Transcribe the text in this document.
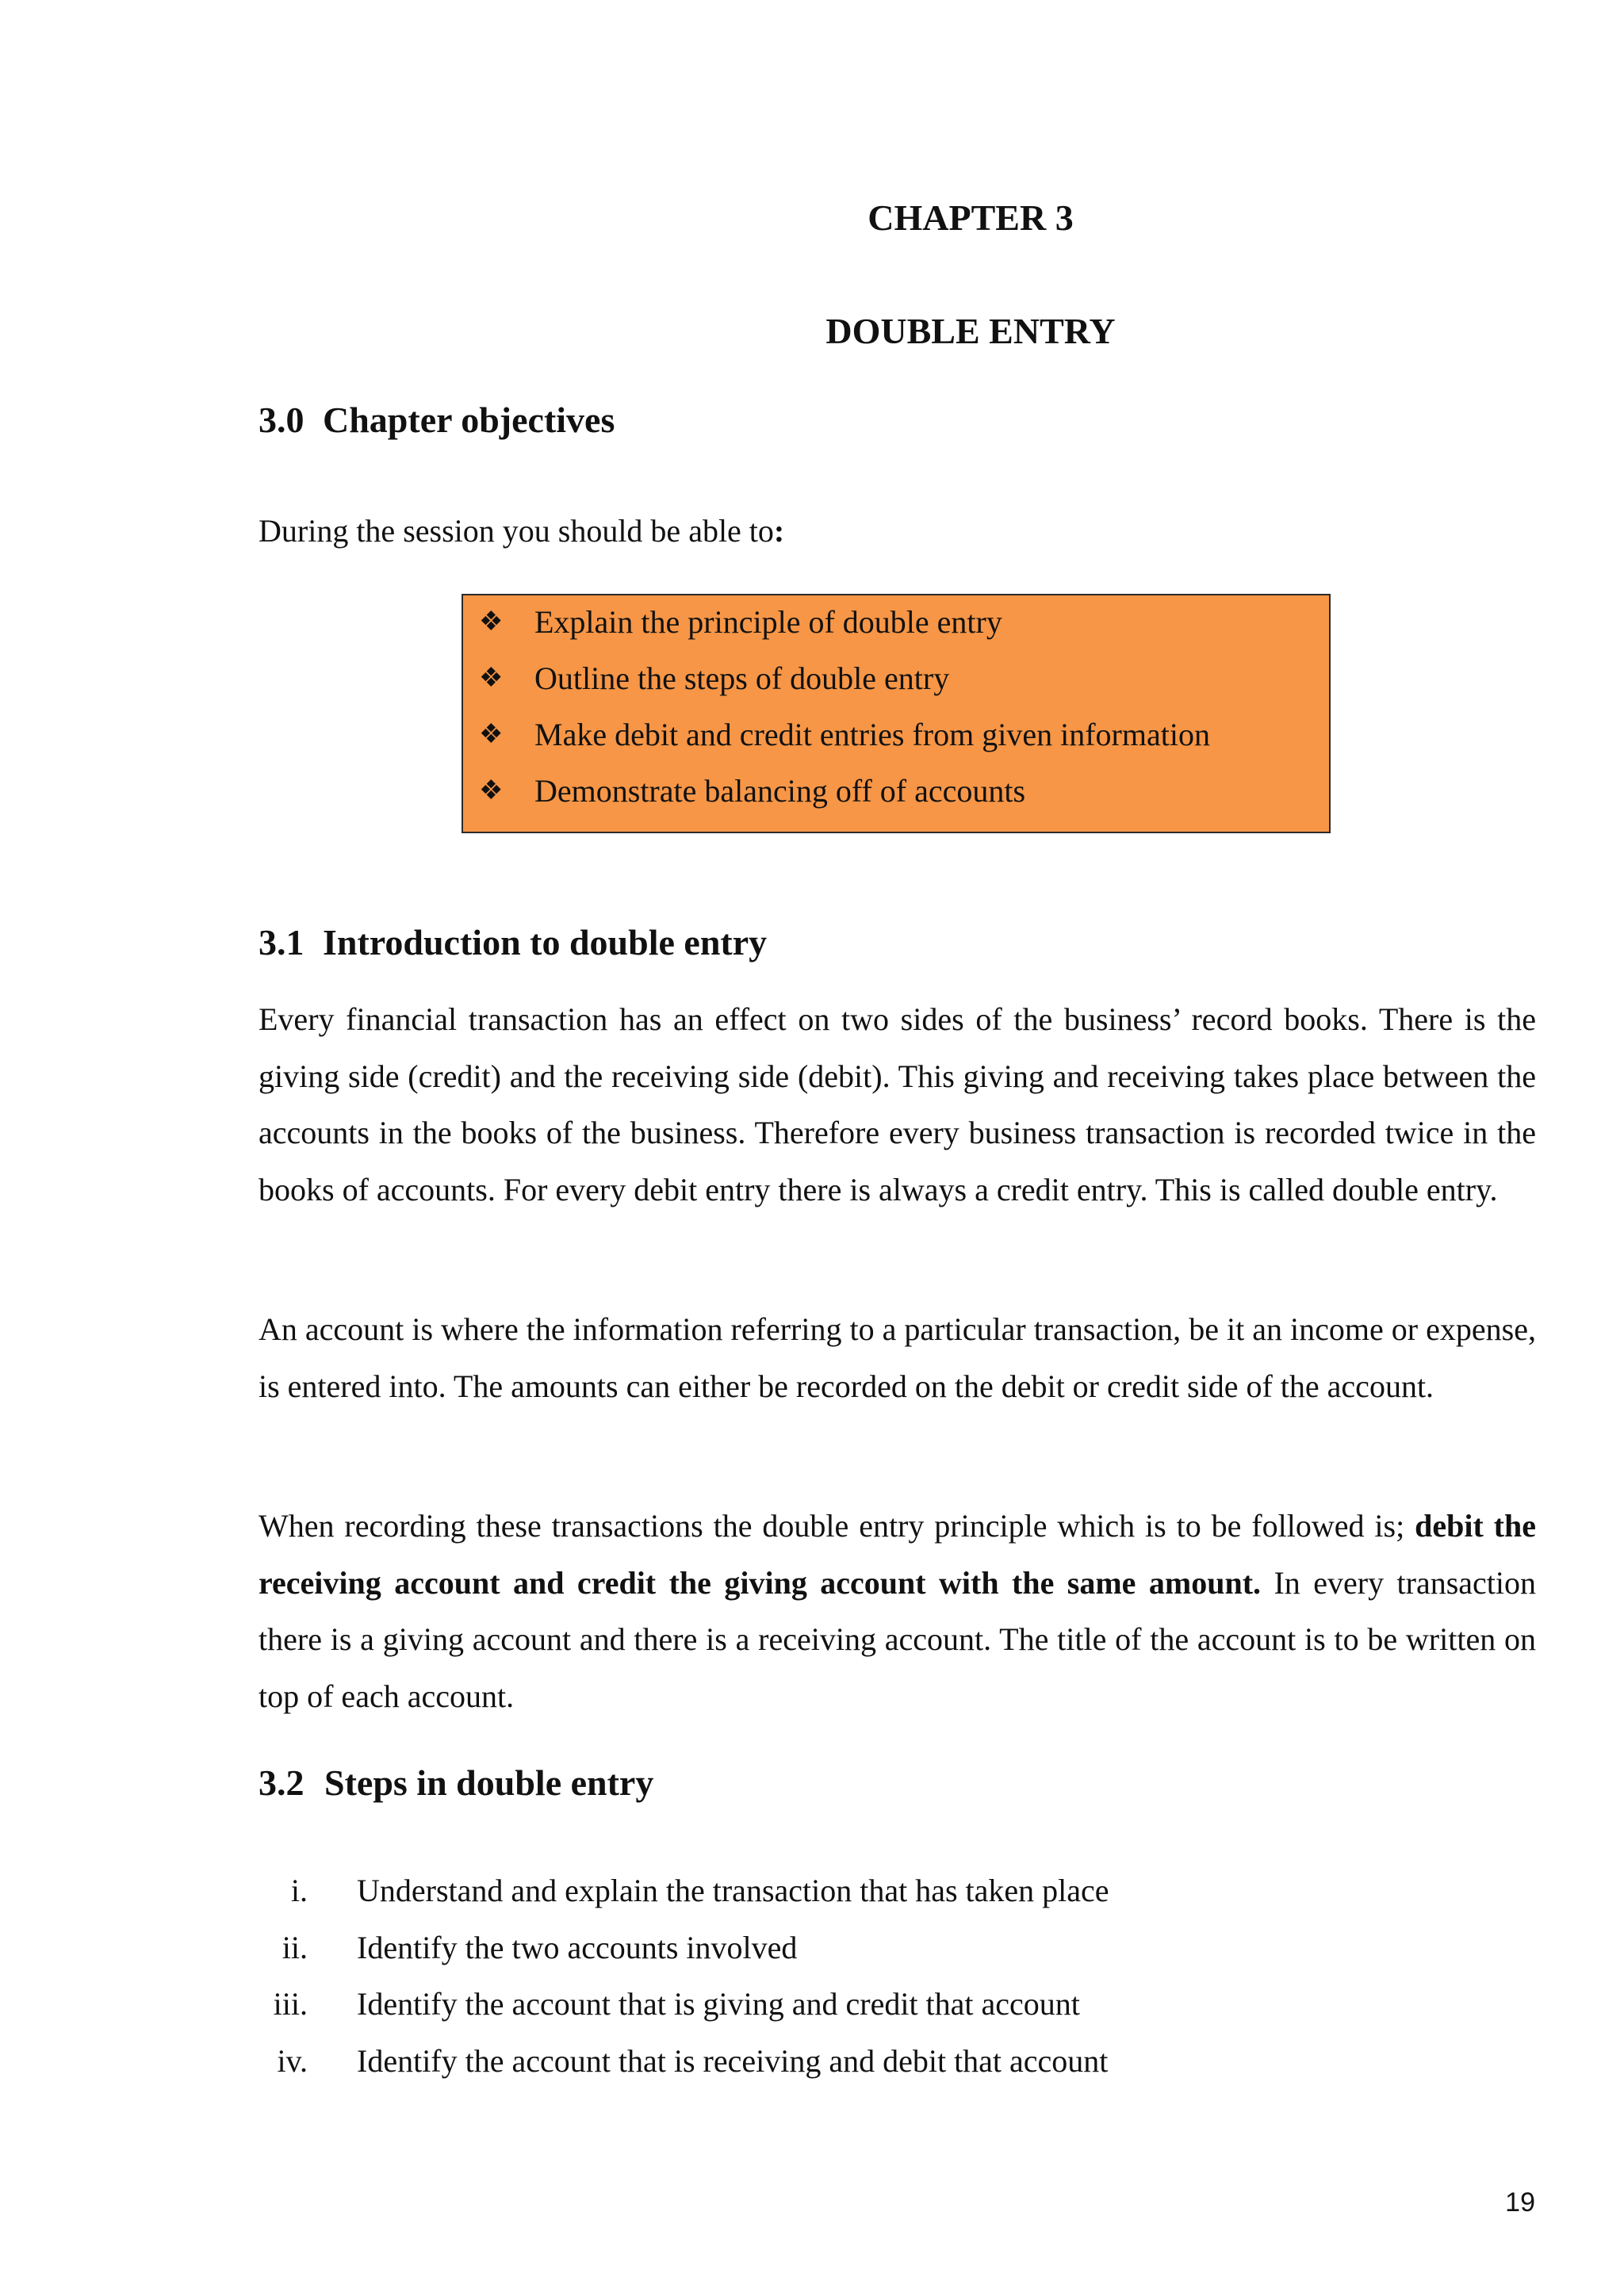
CHAPTER 3
DOUBLE ENTRY
3.0 Chapter objectives
During the session you should be able to:
❖ Explain the principle of double entry
❖ Outline the steps of double entry
❖ Make debit and credit entries from given information
❖ Demonstrate balancing off of accounts
3.1 Introduction to double entry

Every financial transaction has an effect on two sides of the business’ record books. There is the giving side (credit) and the receiving side (debit). This giving and receiving takes place between the accounts in the books of the business. Therefore every business transaction is recorded twice in the books of accounts. For every debit entry there is always a credit entry. This is called double entry.

An account is where the information referring to a particular transaction, be it an income or expense, is entered into. The amounts can either be recorded on the debit or credit side of the account.

When recording these transactions the double entry principle which is to be followed is; debit the receiving account and credit the giving account with the same amount. In every transaction there is a giving account and there is a receiving account. The title of the account is to be written on top of each account.

3.2 Steps in double entry
i. Understand and explain the transaction that has taken place
ii. Identify the two accounts involved
iii. Identify the account that is giving and credit that account
iv. Identify the account that is receiving and debit that account
19
